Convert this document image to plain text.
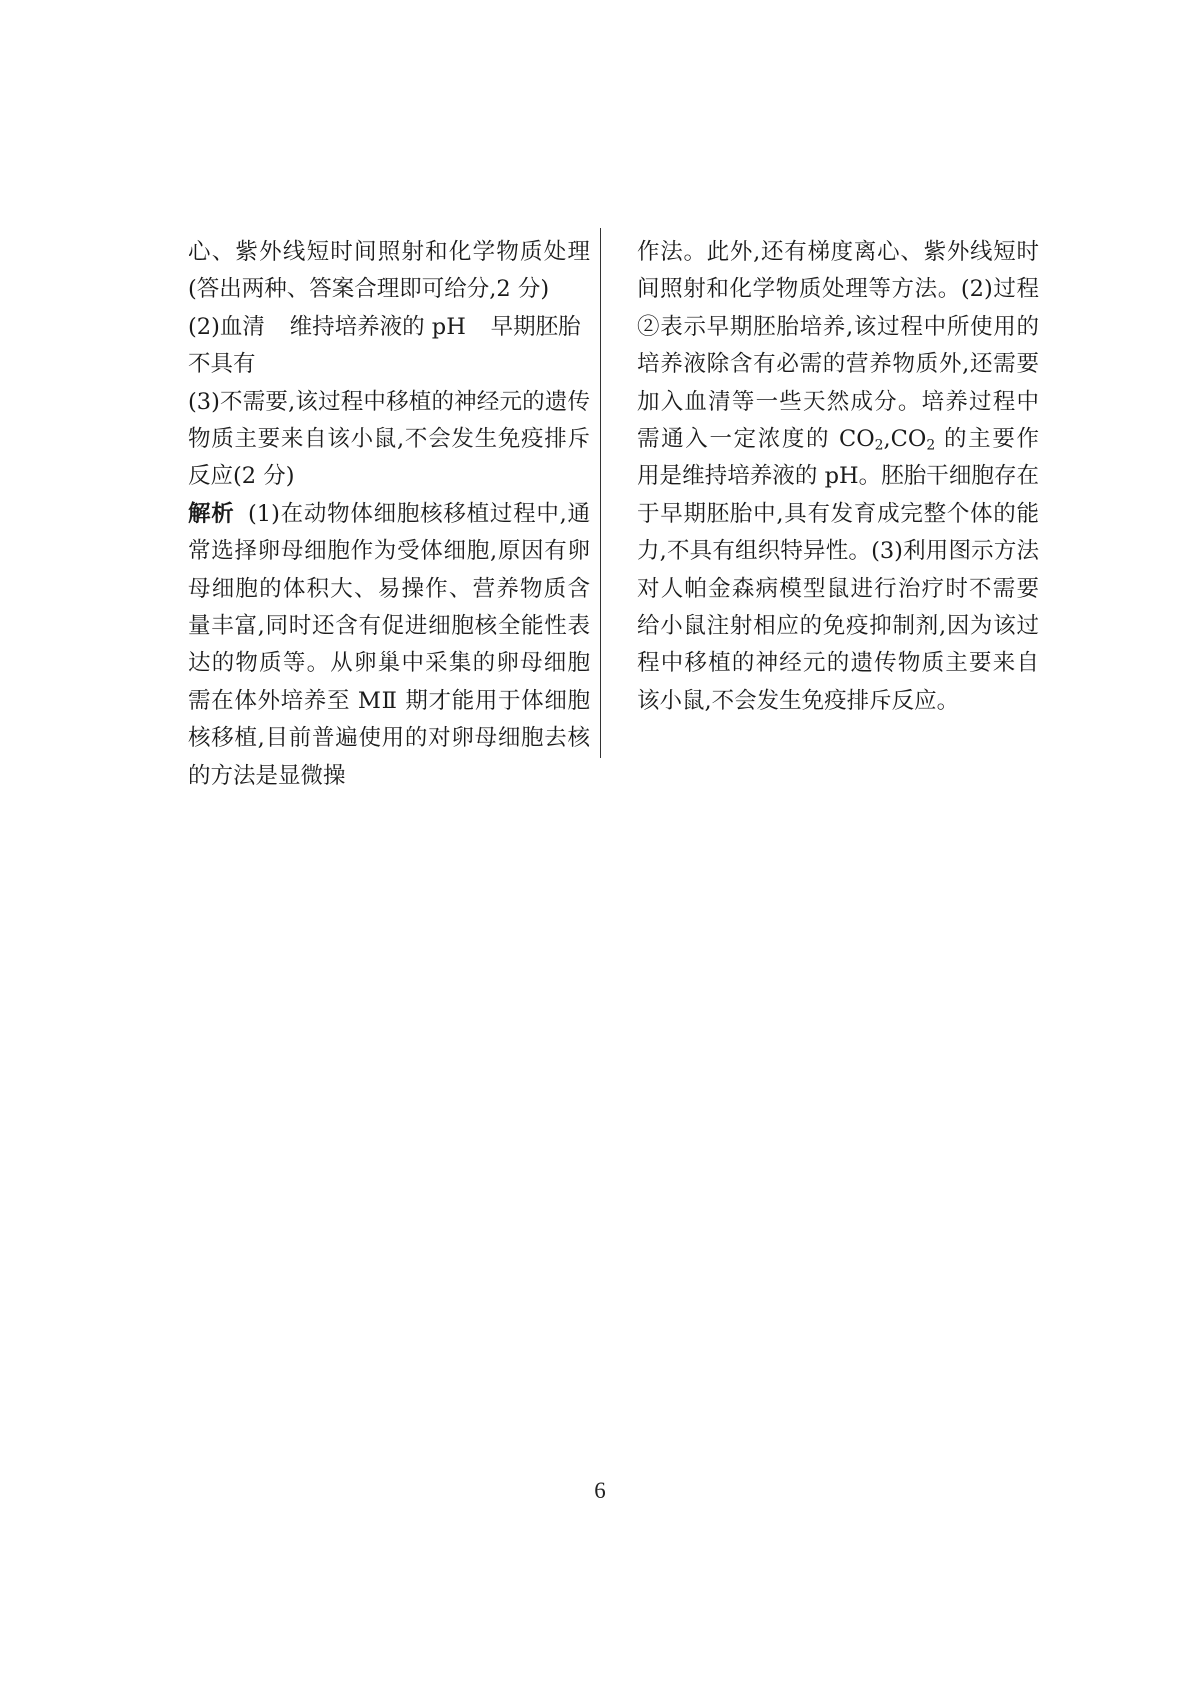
心、紫外线短时间照射和化学物质处理(答出两种、答案合理即可给分,2 分)

(2)血清 维持培养液的 pH 早期胚胎
不具有

(3)不需要,该过程中移植的神经元的遗传物质主要来自该小鼠,不会发生免疫排斥反应(2 分)

解析 (1)在动物体细胞核移植过程中,通常选择卵母细胞作为受体细胞,原因有卵母细胞的体积大、易操作、营养物质含量丰富,同时还含有促进细胞核全能性表达的物质等。从卵巢中采集的卵母细胞需在体外培养至 MⅡ 期才能用于体细胞核移植,目前普遍使用的对卵母细胞去核的方法是显微操

作法。此外,还有梯度离心、紫外线短时间照射和化学物质处理等方法。(2)过程②表示早期胚胎培养,该过程中所使用的培养液除含有必需的营养物质外,还需要加入血清等一些天然成分。培养过程中需通入一定浓度的 $CO_2,CO_2$ 的主要作用是维持培养液的 pH。胚胎干细胞存在于早期胚胎中,具有发育成完整个体的能力,不具有组织特异性。(3)利用图示方法对人帕金森病模型鼠进行治疗时不需要给小鼠注射相应的免疫抑制剂,因为该过程中移植的神经元的遗传物质主要来自该小鼠,不会发生免疫排斥反应。

6
